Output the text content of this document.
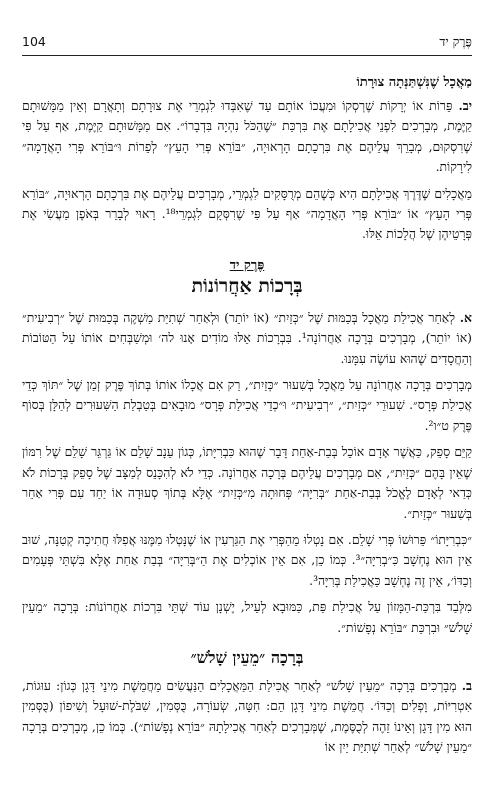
פֶּרֶק יד
104
מַאֲכָל שֶׁנִּשְׁתַּנְּתָה צוּרָתוֹ

יב. פֵּרוֹת אוֹ יְרָקוֹת שֶׁרְסְקוֹ וּמִעֲכוֹ אוֹתָם עַד שֶׁאִבְּדוּ לִגְמְרֵי אֶת צוּרָתָם וְתָאֳרָם וְאֵין מַמָּשׁוּתָם קַיֶּמֶת, מְבָרְכִים לִפְנֵי אֲכִילָתָם אֶת בִּרְכַּת ״שֶׁהַכֹּל נִהְיָה בִּדְבָרוֹ״. אִם מַמָּשׁוּתָם קַיֶּמֶת, אַף עַל פִּי שֶׁרִסְקוּם, מְבָרֵךְ עֲלֵיהֶם אֶת בִּרְכָתָם הָרְאוּיָה, ״בּוֹרֵא פְּרִי הָעֵץ״ לְפֵרוֹת וּ״בּוֹרֵא פְּרִי הָאֲדָמָה״ לִירָקוֹת.

מַאֲכָלִים שֶׁדֶּרֶךְ אֲכִילָתָם הִיא כְּשֶׁהֵם מְרֻסָּקִים לִגְמְרֵי, מְבָרְכִים עֲלֵיהֶם אֶת בִּרְכָתָם הָרְאוּיָה, ״בּוֹרֵא פְּרִי הָעֵץ״ אוֹ ״בּוֹרֵא פְּרִי הָאֲדָמָה״ אַף עַל פִּי שֶׁרִסְּקָם לִגְמְרֵי¹⁸. רָאוּי לְבָרֵר בְּאֹפֶן מַעֲשִׂי אֶת פְּרָטֵיהֶן שֶׁל הֲלָכוֹת אֵלּוּ.

פֶּרֶק יד
בְּרָכוֹת אַחֲרוֹנוֹת

א. לְאַחַר אֲכִילַת מַאֲכָל בְּכַמּוּת שֶׁל ״כְּזַיִת״ (אוֹ יוֹתֵר) וּלְאַחַר שְׁתִיַּת מַשְׁקֶה בְּכַמּוּת שֶׁל ״רְבִיעִית״ (אוֹ יוֹתֵר), מְבָרְכִים בְּרָכָה אַחֲרוֹנָה¹. בִּבְרָכוֹת אֵלּוּ מוֹדִים אָנוּ לה׳ וּמְשַׁבְּחִים אוֹתוֹ עַל הַטּוֹבוֹת וְהַחֲסָדִים שֶׁהוּא עוֹשֶׂה עִמָּנוּ.

מְבָרְכִים בְּרָכָה אַחֲרוֹנָה עַל מַאֲכָל בְּשִׁעוּר ״כְּזַיִת״, רַק אִם אֲכָלוֹ אוֹתוֹ בְּתוֹךְ פֶּרֶק זְמַן שֶׁל ״תּוֹךְ כְּדֵי אֲכִילַת פְּרָס״. שִׁעוּרֵי ״כְּזַיִת״, ״רְבִיעִית״ וּ״כְדֵי אֲכִילַת פְּרָס״ מוּבָאִים בְּטַבְלַת הַשִּׁעוּרִים לְהַלָּן בְּסוֹף פֶּרֶק ט״ו².

קַיֵּם סָפֵק, כַּאֲשֶׁר אָדָם אוֹכֵל בְּבַת-אַחַת דָּבָר שֶׁהוּא כִּבְרִיָּתוֹ, כְּגוֹן עֵנָב שָׁלֵם אוֹ גַּרְגֵּר שָׁלֵם שֶׁל רִמּוֹן שֶׁאֵין בָּהֶם ״כְּזַיִת״, אִם מְבָרְכִים עֲלֵיהֶם בְּרָכָה אַחֲרוֹנָה. כְּדֵי לֹא לְהִכָּנֵס לְמַצָּב שֶׁל סָפֵק בְּרָכוֹת לֹא כְּדַאי לְאָדָם לֶאֱכֹל בְּבַת-אַחַת ״בְּרִיָּה״ פְּחוּתָה מִ״כְּזַיִת״ אֶלָּא בְּתוֹךְ סְעוּדָה אוֹ יַחַד עִם פְּרִי אַחֵר בְּשִׁעוּר ״כְּזַיִת״.

״כִּבְרִיָּתוֹ״ פֵּרוּשׁוֹ פְּרִי שָׁלֵם. אִם נָטְלוּ מֵהַפְּרִי אֶת הַגַּרְעִין אוֹ שֶׁנָּטְלוּ מִמֶּנּוּ אֲפִלּוּ חֲתִיכָה קְטַנָּה, שׁוּב אֵין הוּא נֶחְשָׁב כִּ״בְרִיָּה״³. כְּמוֹ כֵן, אִם אֵין אוֹכְלִים אֶת הַ״בְּרִיָּה״ בְּבַת אַחַת אֶלָּא בִּשְׁתֵּי פְּעָמִים וְכַדּוֹ׳, אֵין זֶה נֶחְשָׁב כַּאֲכִילַת בְּרִיָּה³.

מִלְּבַד בִּרְכַּת-הַמָּזוֹן עַל אֲכִילַת פַּת, כַּמּוּבָא לְעֵיל, יֶשְׁנָן עוֹד שְׁתֵּי בִּרְכוֹת אַחֲרוֹנוֹת: בְּרָכָה ״מֵעֵין שָׁלֹשׁ״ וּבִרְכַּת ״בּוֹרֵא נְפָשׁוֹת״.

בְּרָכָה ״מֵעֵין שָׁלֹשׁ״

ב. מְבָרְכִים בְּרָכָה ״מֵעֵין שָׁלֹשׁ״ לְאַחַר אֲכִילַת הַמַּאֲכָלִים הַנַּעֲשִׂים מֵחֲמֵשֶׁת מִינֵי דָּגָן כְּגוֹן: עוּגוֹת, אִטְרִיּוֹת, וָפְלִים וְכַדּוֹ׳. חֲמֵשֶׁת מִינֵי דָּגָן הֵם: חִטָּה, שְׂעוֹרָה, כֻּסְּמִין, שִׁבֹּלֶת-שׁוּעָל וְשִׁיפוֹן (כֻּסְּמִין הוּא מִין דָּגָן וְאֵינוֹ זֵהֶה לְכֻסֶּמֶת, שֶׁמְּבָרְכִים לְאַחַר אֲכִילָתָהּ ״בּוֹרֵא נְפָשׁוֹת״). כְּמוֹ כֵן, מְבָרְכִים בְּרָכָה ״מֵעֵין שָׁלֹשׁ״ לְאַחַר שְׁתִיַּת יַיִן אוֹ
